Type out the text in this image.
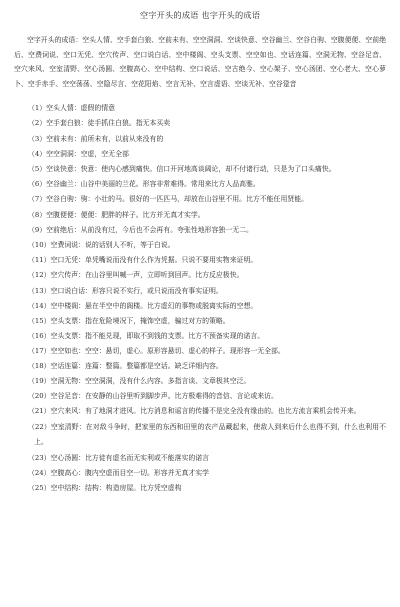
空字开头的成语 也字开头的成语

空字开头的成语：空头人情、空手套白狼、空前未有、空空洞洞、空谈快意、空谷幽兰、空谷白驹、空腹便便、空前绝后、空费词说、空口无凭、空穴传声、空口说白话、空中楼阁、空头支票、空空如也、空话连篇、空洞无物、空谷足音、空穴来风、空室清野、空心汤圆、空腹高心、空中结构、空口说话、空古绝今、空心架子、空心汤团、空心老大、空心萝卜、空手赤手、空空荡荡、空隐尽言、空花阳焰、空言无补、空言虚语、空谈无补、空谷跫音

（1）空头人情：虚假的情意

（2）空手套白狼：徒手抓住白狼。指无本买卖

（3）空前未有：前所未有，以前从来没有的

（4）空空洞洞：空虚，空无全部

（5）空谈快意：快意：使内心感到痛快。信口开河地高谈阔论，却不付诸行动，只是为了口头痛快。

（6）空谷幽兰：山谷中美丽的兰花。形容非常难得。常用来比方人品高雅。

（7）空谷白驹：驹：小壮的马。很好的一匹匹马，却放在山谷里不用。比方不能任用贤能。

（8）空腹便便：便便：肥胖的样子。比方并无真才实学。

（9）空前绝后：从前没有过，今后也不会再有。夸张性地形容独一无二。

（10）空费词说：说的话别人不听，等于白说。

（11）空口无凭：单凭嘴说而没有什么作为凭据。只说不要用实物来证明。

（12）空穴传声：在山谷里叫喊一声，立即听到回声。比方反应极快。

（13）空口说白话：形容只说不实行，或只说而没有事实证明。

（14）空中楼阁：悬在半空中的阁楼。比方虚幻的事物或脱离实际的空想。

（15）空头支票：指在危险境况下，掩饰空虚，骗过对方的策略。

（16）空头支票：指不能兑现，即取不到钱的支票。比方不预备实现的诺言。

（17）空空如也：空空：悬切，虚心。原形容悬切、虚心的样子。现形容一无全部。

（18）空话连篇：连篇：整篇。整篇都是空话。缺乏详细内容。

（19）空洞无物：空空洞洞，没有什么内容。多指言谈、文章极其空泛。

（20）空谷足音：在安静的山谷里听到脚步声。比方极难得的音信、言论或来访。

（21）空穴来风：有了地洞才进风。比方消息和谣言的传播不是完全没有缘由的。也比方流言乘机会传开来。

（22）空室清野：在对敌斗争时，把家里的东西和田里的农产品藏起来，使敌人到来后什么也得不到，什么也利用不上。

（23）空心汤圆：比方徒有虚名而无实利或不能落实的诺言

（24）空腹高心：腹内空虚而目空一切。形容并无真才实学

（25）空中结构：结构：构造房屋。比方凭空虚构
